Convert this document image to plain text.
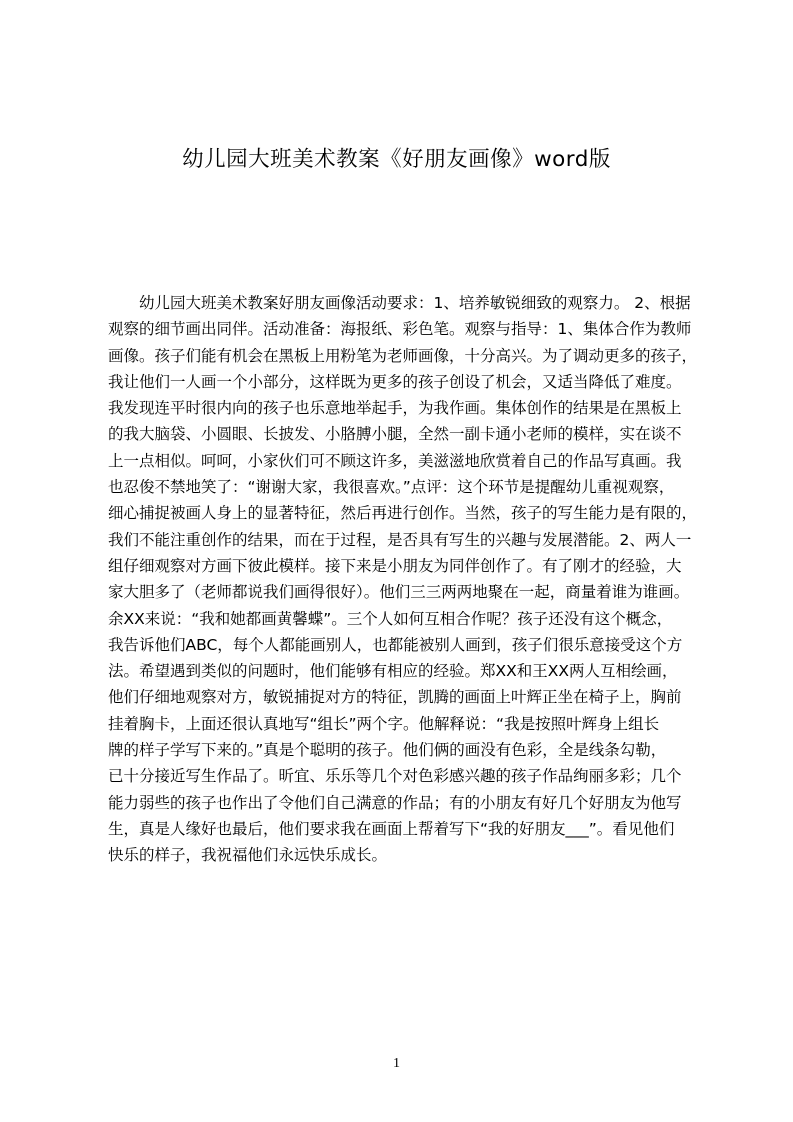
幼儿园大班美术教案《好朋友画像》word版
　　幼儿园大班美术教案好朋友画像活动要求：1、培养敏锐细致的观察力。 2、根据
观察的细节画出同伴。活动准备：海报纸、彩色笔。观察与指导：1、集体合作为教师
画像。孩子们能有机会在黑板上用粉笔为老师画像，十分高兴。为了调动更多的孩子，
我让他们一人画一个小部分，这样既为更多的孩子创设了机会，又适当降低了难度。
我发现连平时很内向的孩子也乐意地举起手，为我作画。集体创作的结果是在黑板上
的我大脑袋、小圆眼、长披发、小胳膊小腿，全然一副卡通小老师的模样，实在谈不
上一点相似。呵呵，小家伙们可不顾这许多，美滋滋地欣赏着自己的作品写真画。我
也忍俊不禁地笑了：“谢谢大家，我很喜欢。”点评：这个环节是提醒幼儿重视观察，
细心捕捉被画人身上的显著特征，然后再进行创作。当然，孩子的写生能力是有限的，
我们不能注重创作的结果，而在于过程，是否具有写生的兴趣与发展潜能。2、两人一
组仔细观察对方画下彼此模样。接下来是小朋友为同伴创作了。有了刚才的经验，大
家大胆多了（老师都说我们画得很好）。他们三三两两地聚在一起，商量着谁为谁画。
余XX来说：“我和她都画黄馨蝶”。三个人如何互相合作呢？孩子还没有这个概念，
我告诉他们ABC，每个人都能画别人，也都能被别人画到，孩子们很乐意接受这个方
法。希望遇到类似的问题时，他们能够有相应的经验。郑XX和王XX两人互相绘画，
他们仔细地观察对方，敏锐捕捉对方的特征，凯腾的画面上叶辉正坐在椅子上，胸前
挂着胸卡，上面还很认真地写“组长”两个字。他解释说：“我是按照叶辉身上组长
牌的样子学写下来的。”真是个聪明的孩子。他们俩的画没有色彩，全是线条勾勒，
已十分接近写生作品了。昕宜、乐乐等几个对色彩感兴趣的孩子作品绚丽多彩；几个
能力弱些的孩子也作出了令他们自己满意的作品；有的小朋友有好几个好朋友为他写
生，真是人缘好也最后，他们要求我在画面上帮着写下“我的好朋友___”。看见他们
快乐的样子，我祝福他们永远快乐成长。
1
